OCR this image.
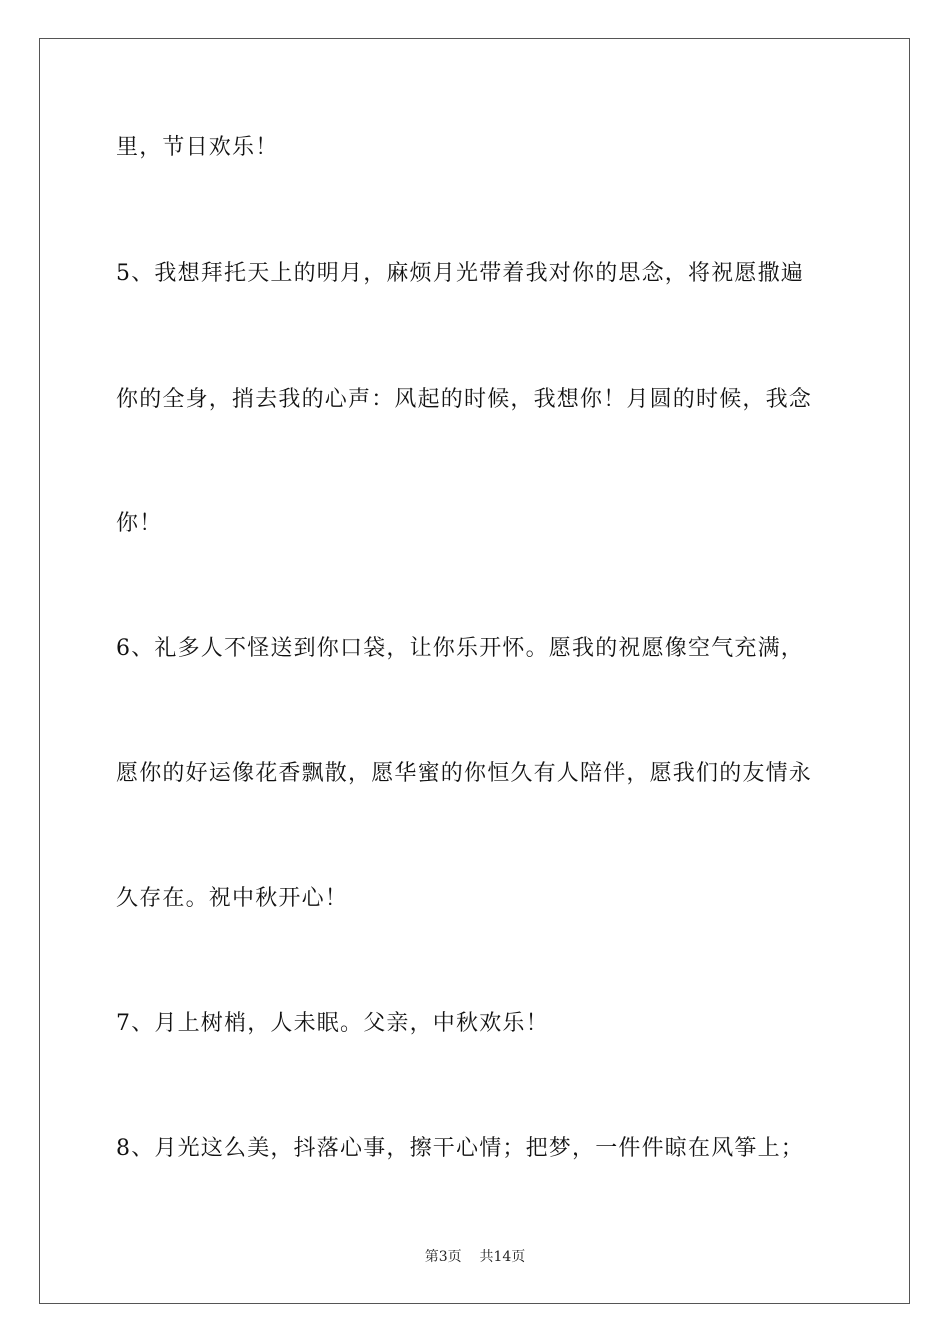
里，节日欢乐！
5、我想拜托天上的明月，麻烦月光带着我对你的思念，将祝愿撒遍
你的全身，捎去我的心声：风起的时候，我想你！月圆的时候，我念
你！
6、礼多人不怪送到你口袋，让你乐开怀。愿我的祝愿像空气充满，
愿你的好运像花香飘散，愿华蜜的你恒久有人陪伴，愿我们的友情永
久存在。祝中秋开心！
7、月上树梢，人未眠。父亲，中秋欢乐！
8、月光这么美，抖落心事，擦干心情；把梦，一件件晾在风筝上；
第3页 共14页
